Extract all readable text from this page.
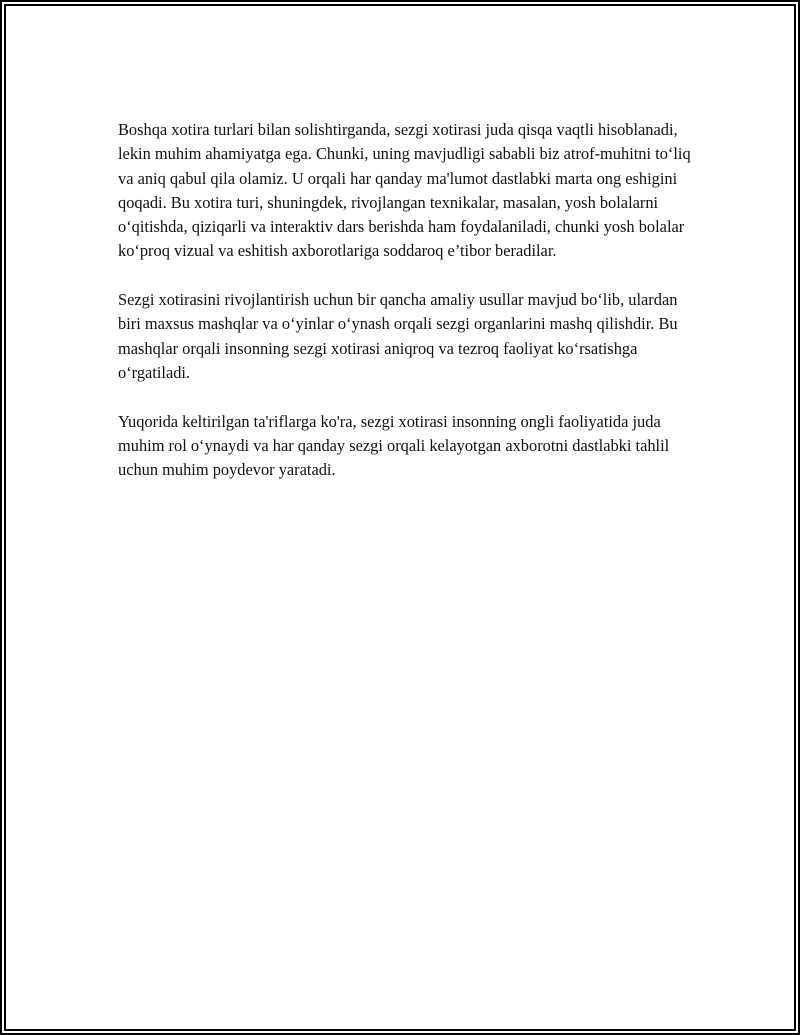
Boshqa xotira turlari bilan solishtirganda, sezgi xotirasi juda qisqa vaqtli hisoblanadi, lekin muhim ahamiyatga ega. Chunki, uning mavjudligi sababli biz atrof-muhitni toʻliq va aniq qabul qila olamiz. U orqali har qanday ma'lumot dastlabki marta ong eshigini qoqadi. Bu xotira turi, shuningdek, rivojlangan texnikalar, masalan, yosh bolalarni oʻqitishda, qiziqarli va interaktiv dars berishda ham foydalaniladi, chunki yosh bolalar koʻproq vizual va eshitish axborotlariga soddaroq e’tibor beradilar.

Sezgi xotirasini rivojlantirish uchun bir qancha amaliy usullar mavjud boʻlib, ulardan biri maxsus mashqlar va oʻyinlar oʻynash orqali sezgi organlarini mashq qilishdir. Bu mashqlar orqali insonning sezgi xotirasi aniqroq va tezroq faoliyat koʻrsatishga oʻrgatiladi.

Yuqorida keltirilgan ta'riflarga ko'ra, sezgi xotirasi insonning ongli faoliyatida juda muhim rol oʻynaydi va har qanday sezgi orqali kelayotgan axborotni dastlabki tahlil uchun muhim poydevor yaratadi.
